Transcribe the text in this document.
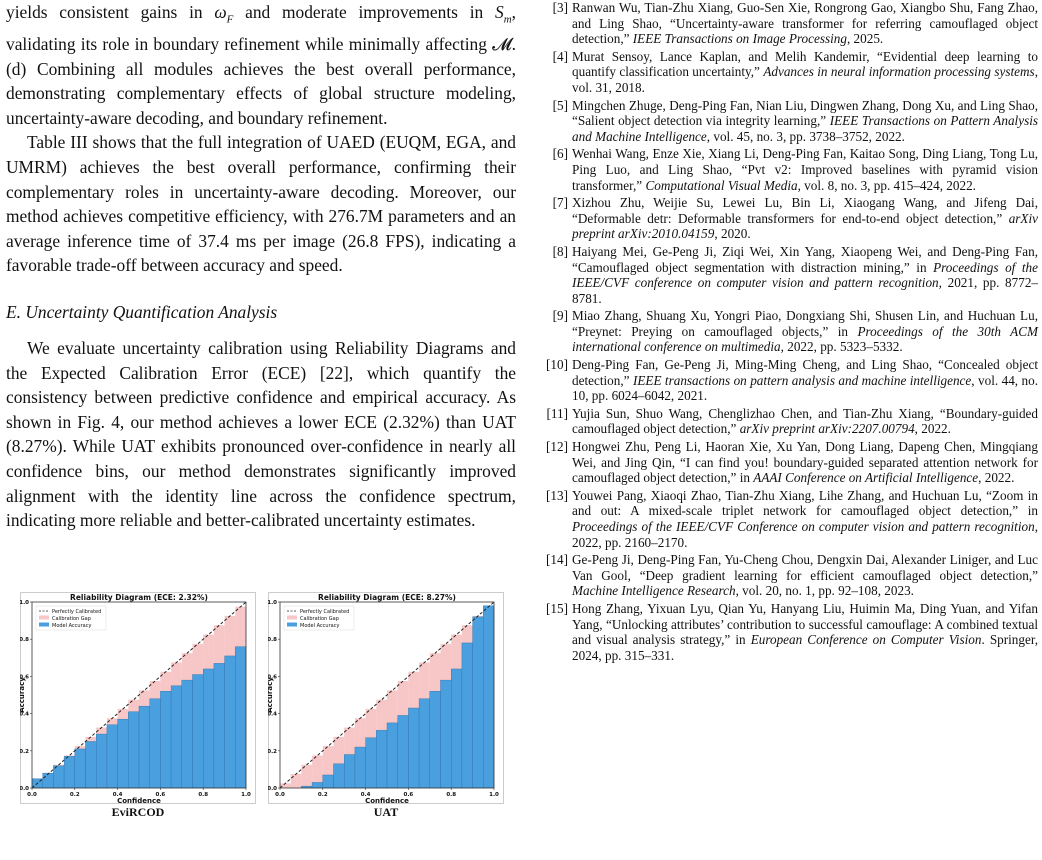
yields consistent gains in $\omega_F$ and moderate improvements in $S_m$, validating its role in boundary refinement while minimally affecting 𝓜. (d) Combining all modules achieves the best overall performance, demonstrating complementary effects of global structure modeling, uncertainty-aware decoding, and boundary refinement.

Table III shows that the full integration of UAED (EUQM, EGA, and UMRM) achieves the best overall performance, confirming their complementary roles in uncertainty-aware decoding. Moreover, our method achieves competitive efficiency, with 276.7M parameters and an average inference time of 37.4 ms per image (26.8 FPS), indicating a favorable trade-off between accuracy and speed.

E. Uncertainty Quantification Analysis

We evaluate uncertainty calibration using Reliability Diagrams and the Expected Calibration Error (ECE) [22], which quantify the consistency between predictive confidence and empirical accuracy. As shown in Fig. 4, our method achieves a lower ECE (2.32%) than UAT (8.27%). While UAT exhibits pronounced over-confidence in nearly all confidence bins, our method demonstrates significantly improved alignment with the identity line across the confidence spectrum, indicating more reliable and better-calibrated uncertainty estimates.

Reliability Diagram (ECE: 2.32%)
0.0
0.2
0.4
0.6
0.8
1.0
0.0	0.2	0.4	0.6	0.8	1.0
Confidence
Accuracy
Perfectly Calibrated
Calibration Gap
Model Accuracy
EviRCOD
Reliability Diagram (ECE: 8.27%)
0.0
0.2
0.4
0.6
0.8
1.0
0.0	0.2	0.4	0.6	0.8	1.0
Confidence
Accuracy
Perfectly Calibrated
Calibration Gap
Model Accuracy
UAT
[3] Ranwan Wu, Tian-Zhu Xiang, Guo-Sen Xie, Rongrong Gao, Xiangbo Shu, Fang Zhao, and Ling Shao, “Uncertainty-aware transformer for referring camouflaged object detection,” IEEE Transactions on Image Processing, 2025.
[4] Murat Sensoy, Lance Kaplan, and Melih Kandemir, “Evidential deep learning to quantify classification uncertainty,” Advances in neural information processing systems, vol. 31, 2018.
[5] Mingchen Zhuge, Deng-Ping Fan, Nian Liu, Dingwen Zhang, Dong Xu, and Ling Shao, “Salient object detection via integrity learning,” IEEE Transactions on Pattern Analysis and Machine Intelligence, vol. 45, no. 3, pp. 3738–3752, 2022.
[6] Wenhai Wang, Enze Xie, Xiang Li, Deng-Ping Fan, Kaitao Song, Ding Liang, Tong Lu, Ping Luo, and Ling Shao, “Pvt v2: Improved baselines with pyramid vision transformer,” Computational Visual Media, vol. 8, no. 3, pp. 415–424, 2022.
[7] Xizhou Zhu, Weijie Su, Lewei Lu, Bin Li, Xiaogang Wang, and Jifeng Dai, “Deformable detr: Deformable transformers for end-to-end object detection,” arXiv preprint arXiv:2010.04159, 2020.
[8] Haiyang Mei, Ge-Peng Ji, Ziqi Wei, Xin Yang, Xiaopeng Wei, and Deng-Ping Fan, “Camouflaged object segmentation with distraction mining,” in Proceedings of the IEEE/CVF conference on computer vision and pattern recognition, 2021, pp. 8772–8781.
[9] Miao Zhang, Shuang Xu, Yongri Piao, Dongxiang Shi, Shusen Lin, and Huchuan Lu, “Preynet: Preying on camouflaged objects,” in Proceedings of the 30th ACM international conference on multimedia, 2022, pp. 5323–5332.
[10] Deng-Ping Fan, Ge-Peng Ji, Ming-Ming Cheng, and Ling Shao, “Concealed object detection,” IEEE transactions on pattern analysis and machine intelligence, vol. 44, no. 10, pp. 6024–6042, 2021.
[11] Yujia Sun, Shuo Wang, Chenglizhao Chen, and Tian-Zhu Xiang, “Boundary-guided camouflaged object detection,” arXiv preprint arXiv:2207.00794, 2022.
[12] Hongwei Zhu, Peng Li, Haoran Xie, Xu Yan, Dong Liang, Dapeng Chen, Mingqiang Wei, and Jing Qin, “I can find you! boundary-guided separated attention network for camouflaged object detection,” in AAAI Conference on Artificial Intelligence, 2022.
[13] Youwei Pang, Xiaoqi Zhao, Tian-Zhu Xiang, Lihe Zhang, and Huchuan Lu, “Zoom in and out: A mixed-scale triplet network for camouflaged object detection,” in Proceedings of the IEEE/CVF Conference on computer vision and pattern recognition, 2022, pp. 2160–2170.
[14] Ge-Peng Ji, Deng-Ping Fan, Yu-Cheng Chou, Dengxin Dai, Alexander Liniger, and Luc Van Gool, “Deep gradient learning for efficient camouflaged object detection,” Machine Intelligence Research, vol. 20, no. 1, pp. 92–108, 2023.
[15] Hong Zhang, Yixuan Lyu, Qian Yu, Hanyang Liu, Huimin Ma, Ding Yuan, and Yifan Yang, “Unlocking attributes’ contribution to successful camouflage: A combined textual and visual analysis strategy,” in European Conference on Computer Vision. Springer, 2024, pp. 315–331.
